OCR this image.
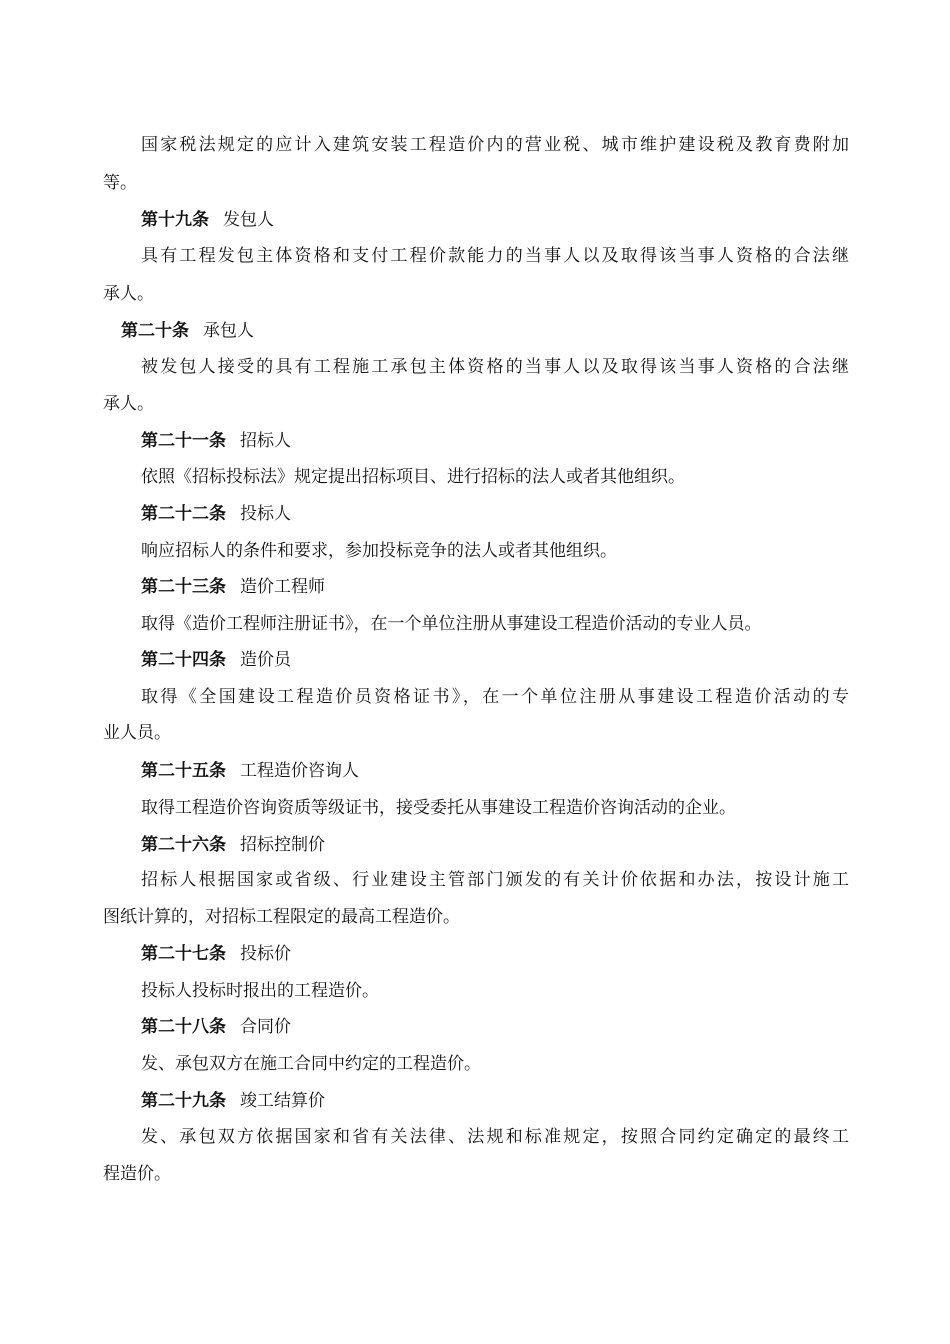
国家税法规定的应计入建筑安装工程造价内的营业税、城市维护建设税及教育费附加
等。
第十九条 发包人
具有工程发包主体资格和支付工程价款能力的当事人以及取得该当事人资格的合法继
承人。
第二十条 承包人
被发包人接受的具有工程施工承包主体资格的当事人以及取得该当事人资格的合法继
承人。
第二十一条 招标人
依照《招标投标法》规定提出招标项目、进行招标的法人或者其他组织。
第二十二条 投标人
响应招标人的条件和要求，参加投标竞争的法人或者其他组织。
第二十三条 造价工程师
取得《造价工程师注册证书》，在一个单位注册从事建设工程造价活动的专业人员。
第二十四条 造价员
取得《全国建设工程造价员资格证书》，在一个单位注册从事建设工程造价活动的专
业人员。
第二十五条 工程造价咨询人
取得工程造价咨询资质等级证书，接受委托从事建设工程造价咨询活动的企业。
第二十六条 招标控制价
招标人根据国家或省级、行业建设主管部门颁发的有关计价依据和办法，按设计施工
图纸计算的，对招标工程限定的最高工程造价。
第二十七条 投标价
投标人投标时报出的工程造价。
第二十八条 合同价
发、承包双方在施工合同中约定的工程造价。
第二十九条 竣工结算价
发、承包双方依据国家和省有关法律、法规和标准规定，按照合同约定确定的最终工
程造价。
